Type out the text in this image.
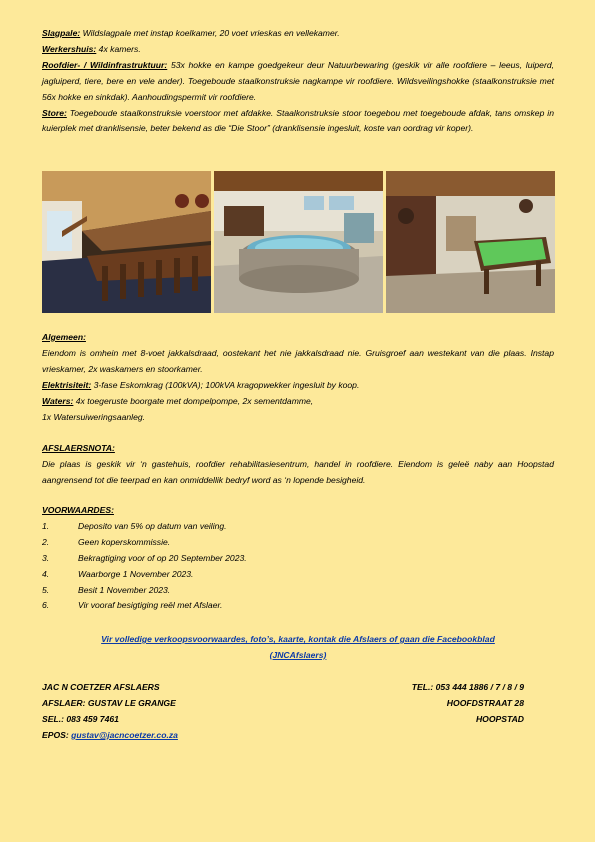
Slagpale: Wildslagpale met instap koelkamer, 20 voet vrieskas en vellekamer.

Werkershuis: 4x kamers.

Roofdier- / Wildinfrastruktuur: 53x hokke en kampe goedgekeur deur Natuurbewaring (geskik vir alle roofdiere – leeus, luiperd, jagluiperd, tiere, bere en vele ander). Toegeboude staalkonstruksie nagkampe vir roofdiere. Wildsveilingshokke (staalkonstruksie met 56x hokke en sinkdak). Aanhoudingspermit vir roofdiere.

Store: Toegeboude staalkonstruksie voerstoor met afdakke. Staalkonstruksie stoor toegebou met toegeboude afdak, tans omskep in kuierplek met dranklisensie, beter bekend as die “Die Stoor” (dranklisensie ingesluit, koste van oordrag vir koper).

Algemeen:

Eiendom is omhein met 8-voet jakkalsdraad, oostekant het nie jakkalsdraad nie. Gruisgroef aan westekant van die plaas. Instap vrieskamer, 2x waskamers en stoorkamer.

Elektrisiteit: 3-fase Eskomkrag (100kVA); 100kVA kragopwekker ingesluit by koop.

Waters: 4x toegeruste boorgate met dompelpompe, 2x sementdamme,

1x Watersuiweringsaanleg.

AFSLAERSNOTA:

Die plaas is geskik vir ‘n gastehuis, roofdier rehabilitasiesentrum, handel in roofdiere. Eiendom is geleë naby aan Hoopstad aangrensend tot die teerpad en kan onmiddellik bedryf word as ‘n lopende besigheid.

VOORWAARDES:

1.	Deposito van 5% op datum van veiling.
2.	Geen koperskommissie.
3.	Bekragtiging voor of op 20 September 2023.
4.	Waarborge 1 November 2023.
5.	Besit 1 November 2023.
6.	Vir vooraf besigtiging reël met Afslaer.
Vir volledige verkoopsvoorwaardes, foto’s, kaarte, kontak die Afslaers of gaan die Facebookblad
(JNCAfslaers)
JAC N COETZER AFSLAERS	TEL.: 053 444 1886 / 7 / 8 / 9
AFSLAER: GUSTAV LE GRANGE	HOOFDSTRAAT 28
SEL.: 083 459 7461	HOOPSTAD
EPOS: gustav@jacncoetzer.co.za
